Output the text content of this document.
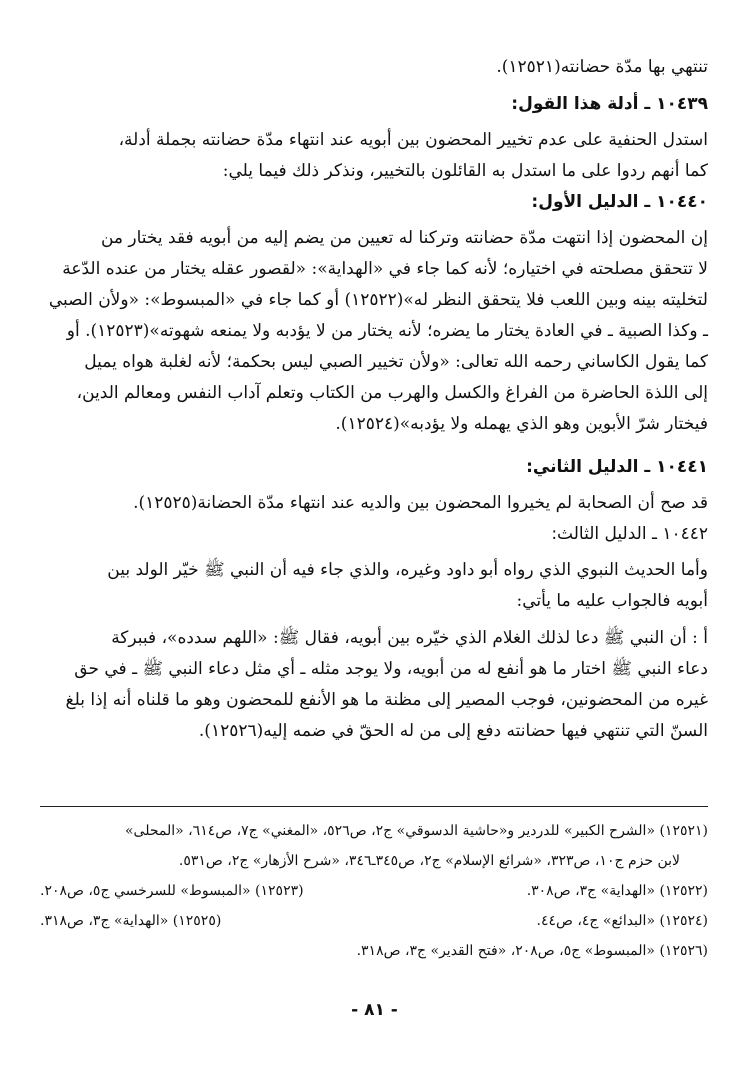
تنتهي بها مدّة حضانته(١٢٥٢١).
١٠٤٣٩ ـ أدلة هذا القول:
استدل الحنفية على عدم تخيير المحضون بين أبويه عند انتهاء مدّة حضانته بجملة أدلة،
كما أنهم ردوا على ما استدل به القائلون بالتخيير، ونذكر ذلك فيما يلي:
١٠٤٤٠ ـ الدليل الأول:
إن المحضون إذا انتهت مدّة حضانته وتركنا له تعيين من يضم إليه من أبويه فقد يختار من
لا تتحقق مصلحته في اختياره؛ لأنه كما جاء في «الهداية»: «لقصور عقله يختار من عنده الدّعة
لتخليته بينه وبين اللعب فلا يتحقق النظر له»(١٢٥٢٢) أو كما جاء في «المبسوط»: «ولأن الصبي
ـ وكذا الصبية ـ في العادة يختار ما يضره؛ لأنه يختار من لا يؤدبه ولا يمنعه شهوته»(١٢٥٢٣). أو
كما يقول الكاساني رحمه الله تعالى: «ولأن تخيير الصبي ليس بحكمة؛ لأنه لغلبة هواه يميل
إلى اللذة الحاضرة من الفراغ والكسل والهرب من الكتاب وتعلم آداب النفس ومعالم الدين،
فيختار شرّ الأبوين وهو الذي يهمله ولا يؤدبه»(١٢٥٢٤).
١٠٤٤١ ـ الدليل الثاني:
قد صح أن الصحابة لم يخيروا المحضون بين والديه عند انتهاء مدّة الحضانة(١٢٥٢٥).
١٠٤٤٢ ـ الدليل الثالث:
وأما الحديث النبوي الذي رواه أبو داود وغيره، والذي جاء فيه أن النبي ﷺ خيّر الولد بين
أبويه فالجواب عليه ما يأتي:
أ : أن النبي ﷺ دعا لذلك الغلام الذي خيّره بين أبويه، فقال ﷺ: «اللهم سدده»، فببركة
دعاء النبي ﷺ اختار ما هو أنفع له من أبويه، ولا يوجد مثله ـ أي مثل دعاء النبي ﷺ ـ في حق
غيره من المحضونين، فوجب المصير إلى مظنة ما هو الأنفع للمحضون وهو ما قلناه أنه إذا بلغ
السنّ التي تنتهي فيها حضانته دفع إلى من له الحقّ في ضمه إليه(١٢٥٢٦).
(١٢٥٢١) «الشرح الكبير» للدردير و«حاشية الدسوقي» ج٢، ص٥٢٦، «المغني» ج٧، ص٦١٤، «المحلى»
لابن حزم ج١٠، ص٣٢٣، «شرائع الإسلام» ج٢، ص٣٤٥ـ٣٤٦، «شرح الأزهار» ج٢، ص٥٣١.
(١٢٥٢٢) «الهداية» ج٣، ص٣٠٨.
(١٢٥٢٣) «المبسوط» للسرخسي ج٥، ص٢٠٨.
(١٢٥٢٤) «البدائع» ج٤، ص٤٤.
(١٢٥٢٥) «الهداية» ج٣، ص٣١٨.
(١٢٥٢٦) «المبسوط» ج٥، ص٢٠٨، «فتح القدير» ج٣، ص٣١٨.
- ٨١ -
